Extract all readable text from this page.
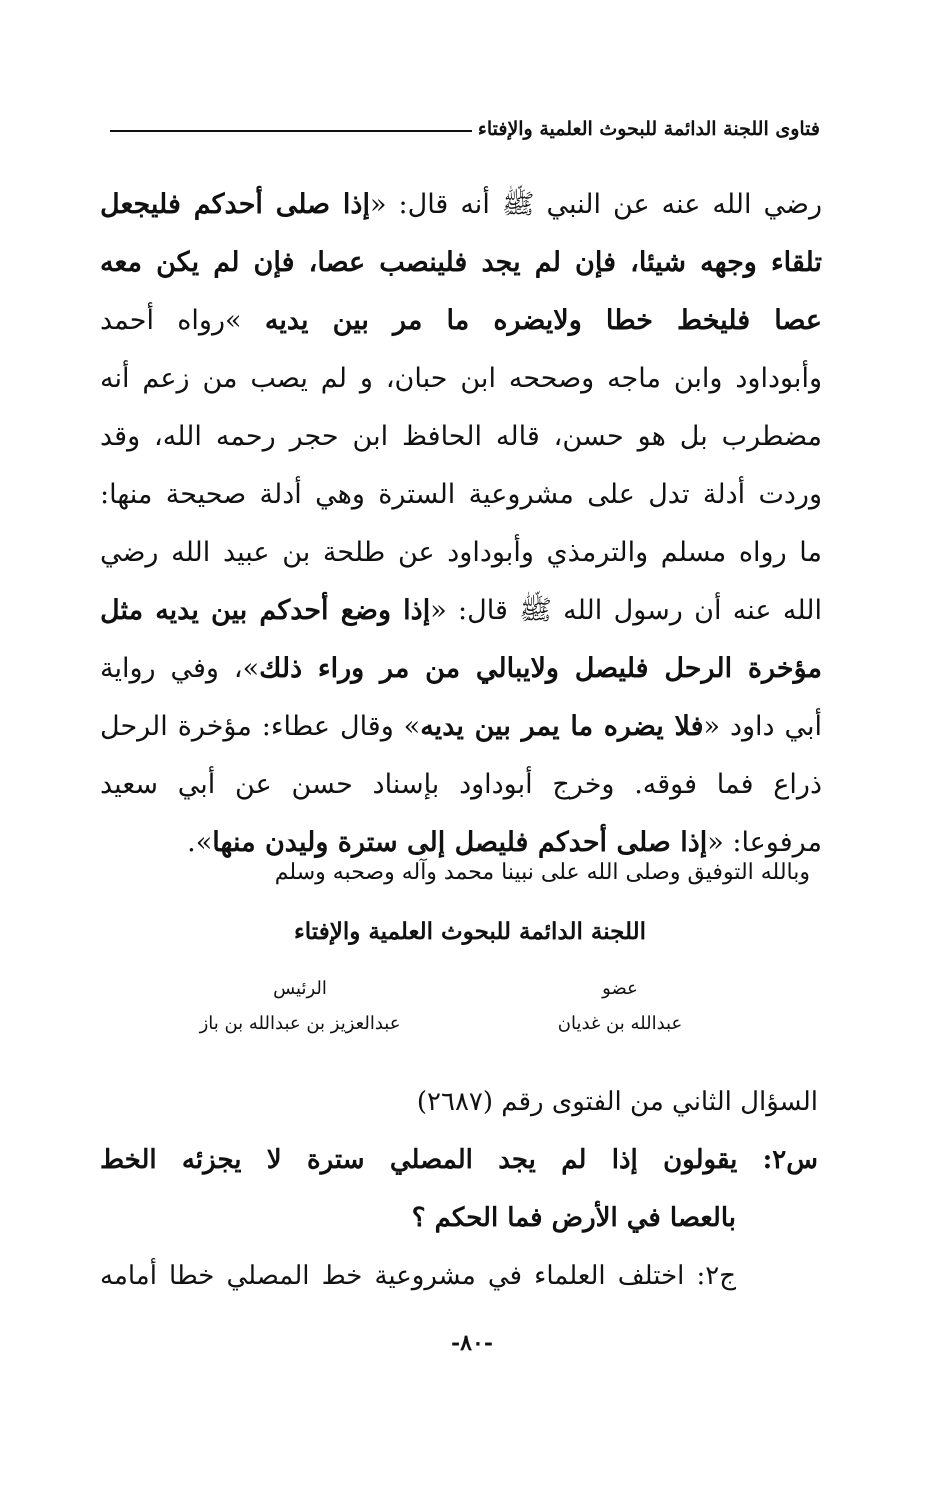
فتاوى اللجنة الدائمة للبحوث العلمية والإفتاء
رضي الله عنه عن النبي ﷺ أنه قال: «إذا صلى أحدكم فليجعل
تلقاء وجهه شيئا، فإن لم يجد فلينصب عصا، فإن لم يكن معه
عصا فليخط خطا ولايضره ما مر بين يديه »رواه أحمد
وأبوداود وابن ماجه وصححه ابن حبان، و لم يصب من زعم أنه
مضطرب بل هو حسن، قاله الحافظ ابن حجر رحمه الله، وقد
وردت أدلة تدل على مشروعية السترة وهي أدلة صحيحة منها:
ما رواه مسلم والترمذي وأبوداود عن طلحة بن عبيد الله رضي
الله عنه أن رسول الله ﷺ قال: «إذا وضع أحدكم بين يديه مثل
مؤخرة الرحل فليصل ولايبالي من مر وراء ذلك»، وفي رواية
أبي داود «فلا يضره ما يمر بين يديه» وقال عطاء: مؤخرة الرحل
ذراع فما فوقه. وخرج أبوداود بإسناد حسن عن أبي سعيد
مرفوعا: «إذا صلى أحدكم فليصل إلى سترة وليدن منها».
وبالله التوفيق وصلى الله على نبينا محمد وآله وصحبه وسلم
اللجنة الدائمة للبحوث العلمية والإفتاء
عضو
عبدالله بن غديان
الرئيس
عبدالعزيز بن عبدالله بن باز
السؤال الثاني من الفتوى رقم (٢٦٨٧)
س٢: يقولون إذا لم يجد المصلي سترة لا يجزئه الخط
بالعصا في الأرض فما الحكم ؟
ج٢: اختلف العلماء في مشروعية خط المصلي خطا أمامه
-٨٠-
